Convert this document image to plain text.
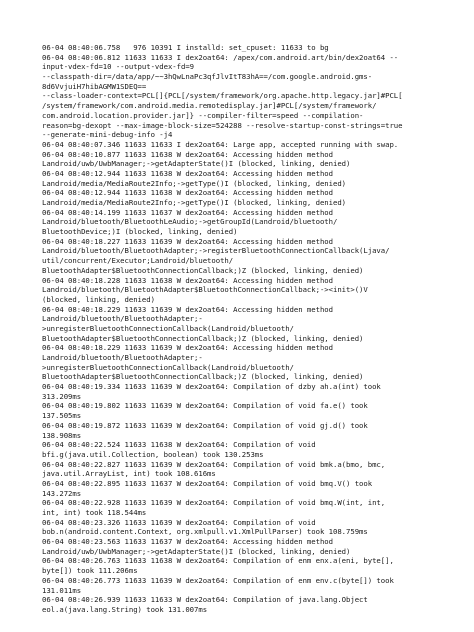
06-04 08:40:06.758   976 10391 I installd: set_cpuset: 11633 to bg
06-04 08:40:06.812 11633 11633 I dex2oat64: /apex/com.android.art/bin/dex2oat64 --
input-vdex-fd=10 --output-vdex-fd=9
--classpath-dir=/data/app/~~3hQwLnaPc3qfJlvItT83hA==/com.google.android.gms-
8d6VvjuiH7hibAGMW1SDEQ==
--class-loader-context=PCL[]{PCL[/system/framework/org.apache.http.legacy.jar]#PCL[
/system/framework/com.android.media.remotedisplay.jar]#PCL[/system/framework/
com.android.location.provider.jar]} --compiler-filter=speed --compilation-
reason=bg-dexopt --max-image-block-size=524288 --resolve-startup-const-strings=true
--generate-mini-debug-info -j4
06-04 08:40:07.346 11633 11633 I dex2oat64: Large app, accepted running with swap.
06-04 08:40:10.877 11633 11638 W dex2oat64: Accessing hidden method
Landroid/uwb/UwbManager;->getAdapterState()I (blocked, linking, denied)
06-04 08:40:12.944 11633 11638 W dex2oat64: Accessing hidden method
Landroid/media/MediaRoute2Info;->getType()I (blocked, linking, denied)
06-04 08:40:12.944 11633 11638 W dex2oat64: Accessing hidden method
Landroid/media/MediaRoute2Info;->getType()I (blocked, linking, denied)
06-04 08:40:14.199 11633 11637 W dex2oat64: Accessing hidden method
Landroid/bluetooth/BluetoothLeAudio;->getGroupId(Landroid/bluetooth/
BluetoothDevice;)I (blocked, linking, denied)
06-04 08:40:18.227 11633 11639 W dex2oat64: Accessing hidden method
Landroid/bluetooth/BluetoothAdapter;->registerBluetoothConnectionCallback(Ljava/
util/concurrent/Executor;Landroid/bluetooth/
BluetoothAdapter$BluetoothConnectionCallback;)Z (blocked, linking, denied)
06-04 08:40:18.228 11633 11638 W dex2oat64: Accessing hidden method
Landroid/bluetooth/BluetoothAdapter$BluetoothConnectionCallback;-><init>()V
(blocked, linking, denied)
06-04 08:40:18.229 11633 11639 W dex2oat64: Accessing hidden method
Landroid/bluetooth/BluetoothAdapter;-
>unregisterBluetoothConnectionCallback(Landroid/bluetooth/
BluetoothAdapter$BluetoothConnectionCallback;)Z (blocked, linking, denied)
06-04 08:40:18.229 11633 11639 W dex2oat64: Accessing hidden method
Landroid/bluetooth/BluetoothAdapter;-
>unregisterBluetoothConnectionCallback(Landroid/bluetooth/
BluetoothAdapter$BluetoothConnectionCallback;)Z (blocked, linking, denied)
06-04 08:40:19.334 11633 11639 W dex2oat64: Compilation of dzby ah.a(int) took
313.209ms
06-04 08:40:19.802 11633 11639 W dex2oat64: Compilation of void fa.e() took
137.505ms
06-04 08:40:19.872 11633 11639 W dex2oat64: Compilation of void gj.d() took
138.908ms
06-04 08:40:22.524 11633 11638 W dex2oat64: Compilation of void
bfi.g(java.util.Collection, boolean) took 130.253ms
06-04 08:40:22.827 11633 11639 W dex2oat64: Compilation of void bmk.a(bmo, bmc,
java.util.ArrayList, int) took 108.616ms
06-04 08:40:22.895 11633 11637 W dex2oat64: Compilation of void bmq.V() took
143.272ms
06-04 08:40:22.928 11633 11639 W dex2oat64: Compilation of void bmq.W(int, int,
int, int) took 118.544ms
06-04 08:40:23.326 11633 11639 W dex2oat64: Compilation of void
bob.n(android.content.Context, org.xmlpull.v1.XmlPullParser) took 108.759ms
06-04 08:40:23.563 11633 11637 W dex2oat64: Accessing hidden method
Landroid/uwb/UwbManager;->getAdapterState()I (blocked, linking, denied)
06-04 08:40:26.763 11633 11638 W dex2oat64: Compilation of enm enx.a(eni, byte[],
byte[]) took 111.206ms
06-04 08:40:26.773 11633 11639 W dex2oat64: Compilation of enm env.c(byte[]) took
131.011ms
06-04 08:40:26.939 11633 11633 W dex2oat64: Compilation of java.lang.Object
eol.a(java.lang.String) took 131.007ms
